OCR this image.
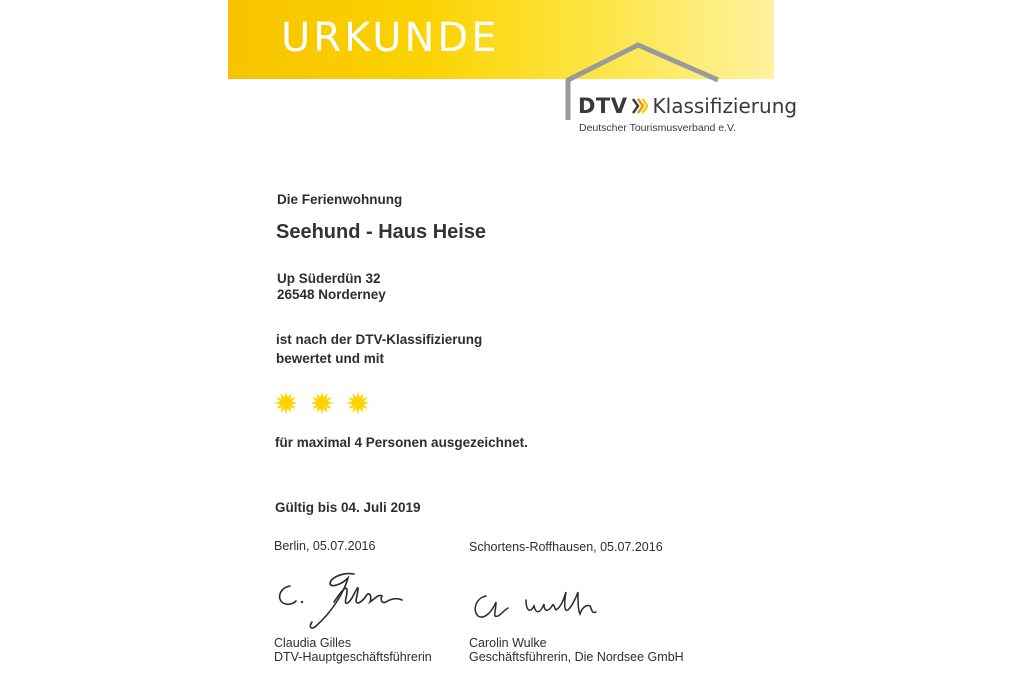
URKUNDE
DTV Klassifizierung
Deutscher Tourismusverband e.V.
Die Ferienwohnung
Seehund - Haus Heise
Up Süderdün 32
26548 Norderney
ist nach der DTV-Klassifizierung
bewertet und mit
für maximal 4 Personen ausgezeichnet.
Gültig bis 04. Juli 2019
Berlin, 05.07.2016	Schortens-Roffhausen, 05.07.2016
Claudia Gilles
DTV-Hauptgeschäftsführerin
Carolin Wulke
Geschäftsführerin, Die Nordsee GmbH
